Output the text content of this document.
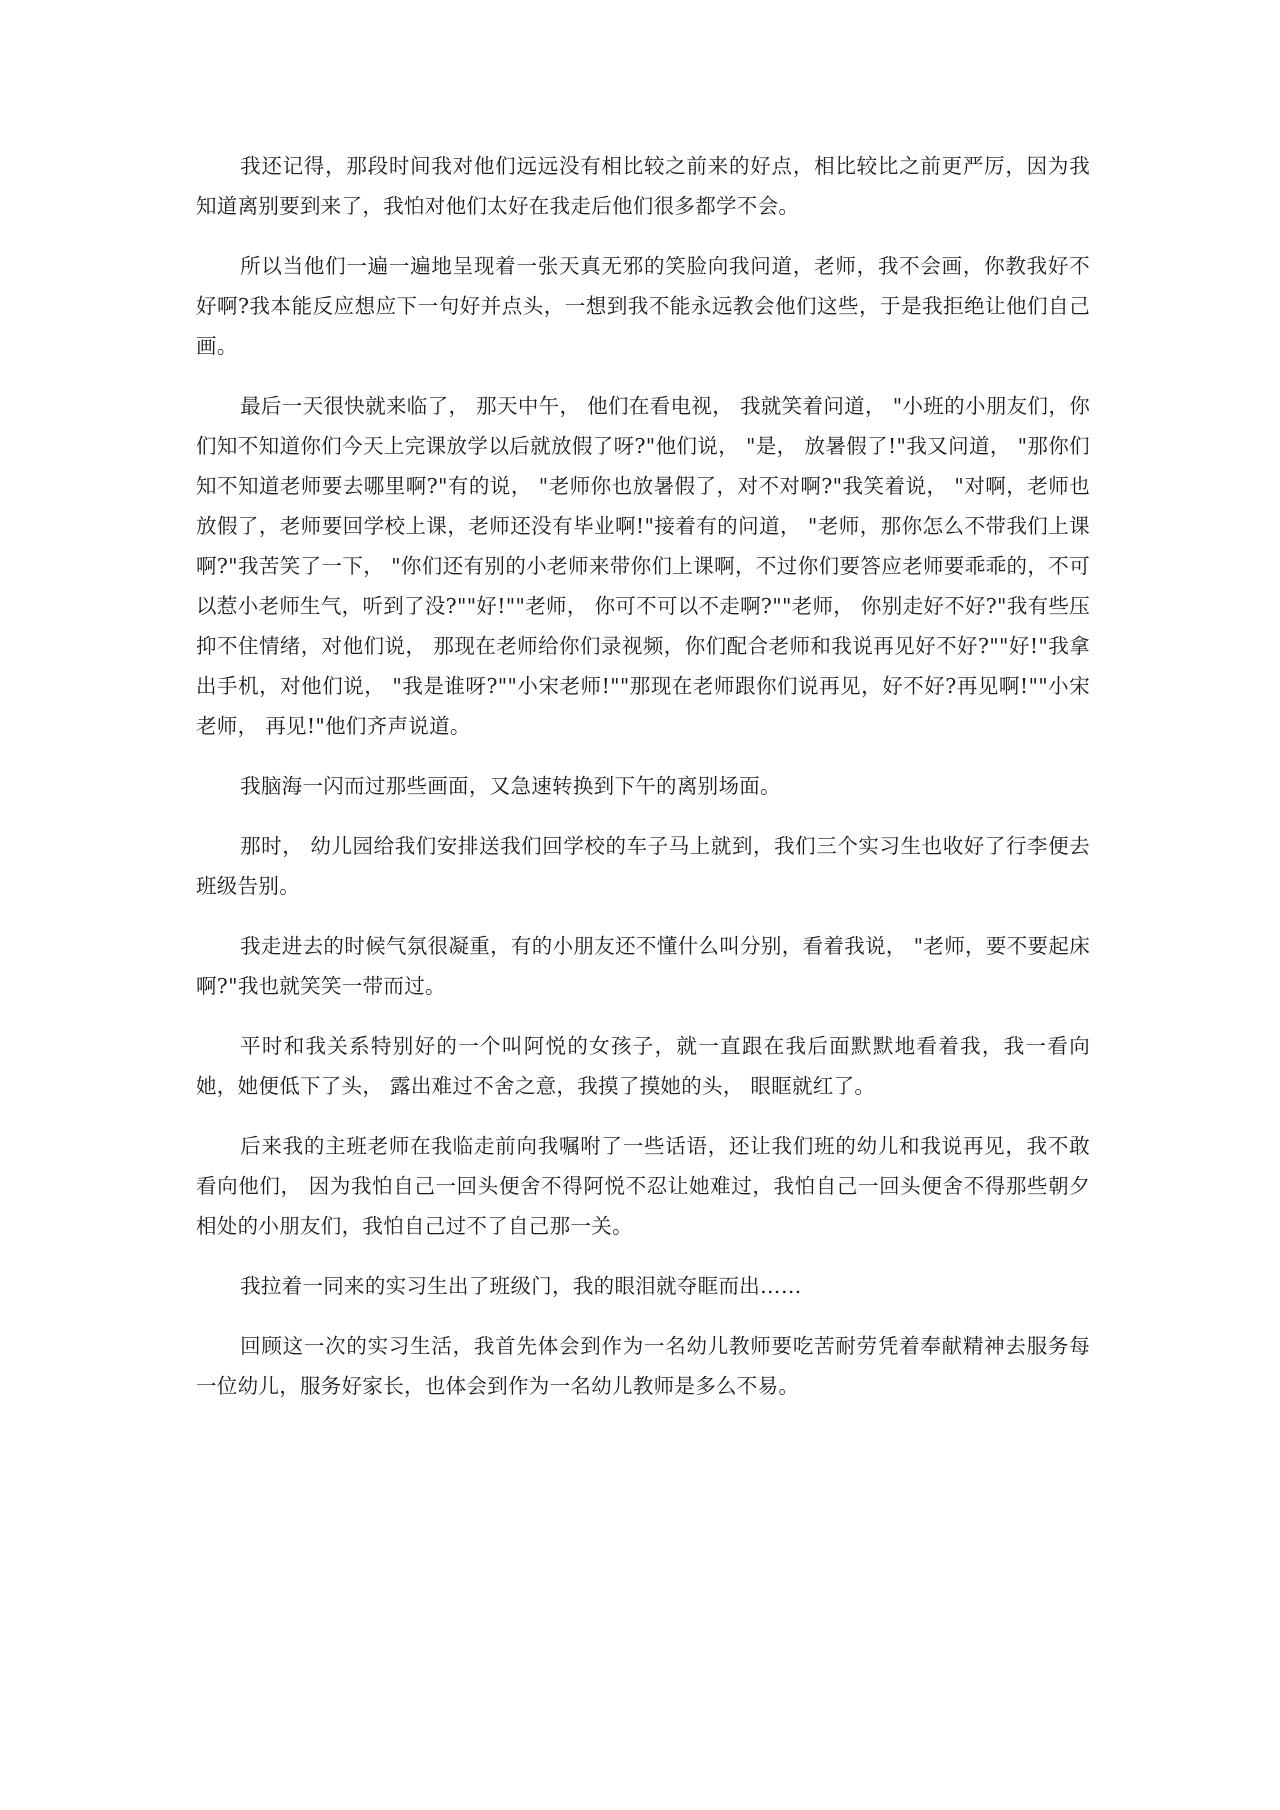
我还记得，那段时间我对他们远远没有相比较之前来的好点，相比较比之前更严厉，因为我知道离别要到来了，我怕对他们太好在我走后他们很多都学不会。

所以当他们一遍一遍地呈现着一张天真无邪的笑脸向我问道，老师，我不会画，你教我好不好啊?我本能反应想应下一句好并点头，一想到我不能永远教会他们这些，于是我拒绝让他们自己画。

最后一天很快就来临了， 那天中午， 他们在看电视， 我就笑着问道， "小班的小朋友们，你们知不知道你们今天上完课放学以后就放假了呀?"他们说， "是， 放暑假了!"我又问道， "那你们知不知道老师要去哪里啊?"有的说， "老师你也放暑假了，对不对啊?"我笑着说， "对啊，老师也放假了，老师要回学校上课，老师还没有毕业啊!"接着有的问道， "老师，那你怎么不带我们上课啊?"我苦笑了一下， "你们还有别的小老师来带你们上课啊，不过你们要答应老师要乖乖的，不可以惹小老师生气，听到了没?""好!""老师， 你可不可以不走啊?""老师， 你别走好不好?"我有些压抑不住情绪，对他们说， 那现在老师给你们录视频，你们配合老师和我说再见好不好?""好!"我拿出手机，对他们说， "我是谁呀?""小宋老师!""那现在老师跟你们说再见，好不好?再见啊!""小宋老师， 再见!"他们齐声说道。

我脑海一闪而过那些画面，又急速转换到下午的离别场面。

那时， 幼儿园给我们安排送我们回学校的车子马上就到，我们三个实习生也收好了行李便去班级告别。

我走进去的时候气氛很凝重，有的小朋友还不懂什么叫分别，看着我说， "老师，要不要起床啊?"我也就笑笑一带而过。

平时和我关系特别好的一个叫阿悦的女孩子，就一直跟在我后面默默地看着我，我一看向她，她便低下了头， 露出难过不舍之意，我摸了摸她的头， 眼眶就红了。

后来我的主班老师在我临走前向我嘱咐了一些话语，还让我们班的幼儿和我说再见，我不敢看向他们， 因为我怕自己一回头便舍不得阿悦不忍让她难过，我怕自己一回头便舍不得那些朝夕相处的小朋友们，我怕自己过不了自己那一关。

我拉着一同来的实习生出了班级门，我的眼泪就夺眶而出……

回顾这一次的实习生活，我首先体会到作为一名幼儿教师要吃苦耐劳凭着奉献精神去服务每一位幼儿，服务好家长，也体会到作为一名幼儿教师是多么不易。
